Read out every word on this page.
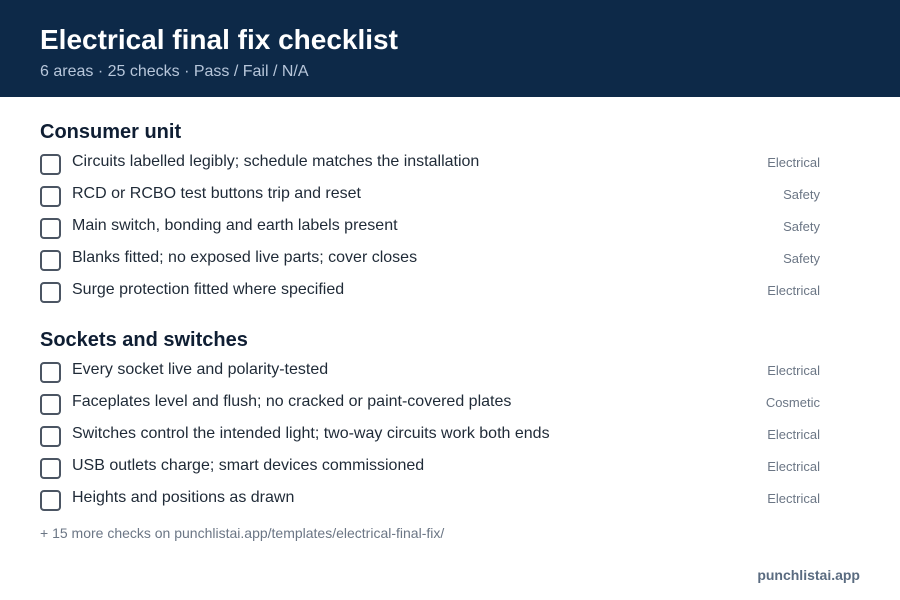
Electrical final fix checklist
6 areas · 25 checks · Pass / Fail / N/A
Consumer unit
Circuits labelled legibly; schedule matches the installation	Electrical
RCD or RCBO test buttons trip and reset	Safety
Main switch, bonding and earth labels present	Safety
Blanks fitted; no exposed live parts; cover closes	Safety
Surge protection fitted where specified	Electrical
Sockets and switches
Every socket live and polarity-tested	Electrical
Faceplates level and flush; no cracked or paint-covered plates	Cosmetic
Switches control the intended light; two-way circuits work both ends	Electrical
USB outlets charge; smart devices commissioned	Electrical
Heights and positions as drawn	Electrical
+ 15 more checks on punchlistai.app/templates/electrical-final-fix/
punchlistai.app
